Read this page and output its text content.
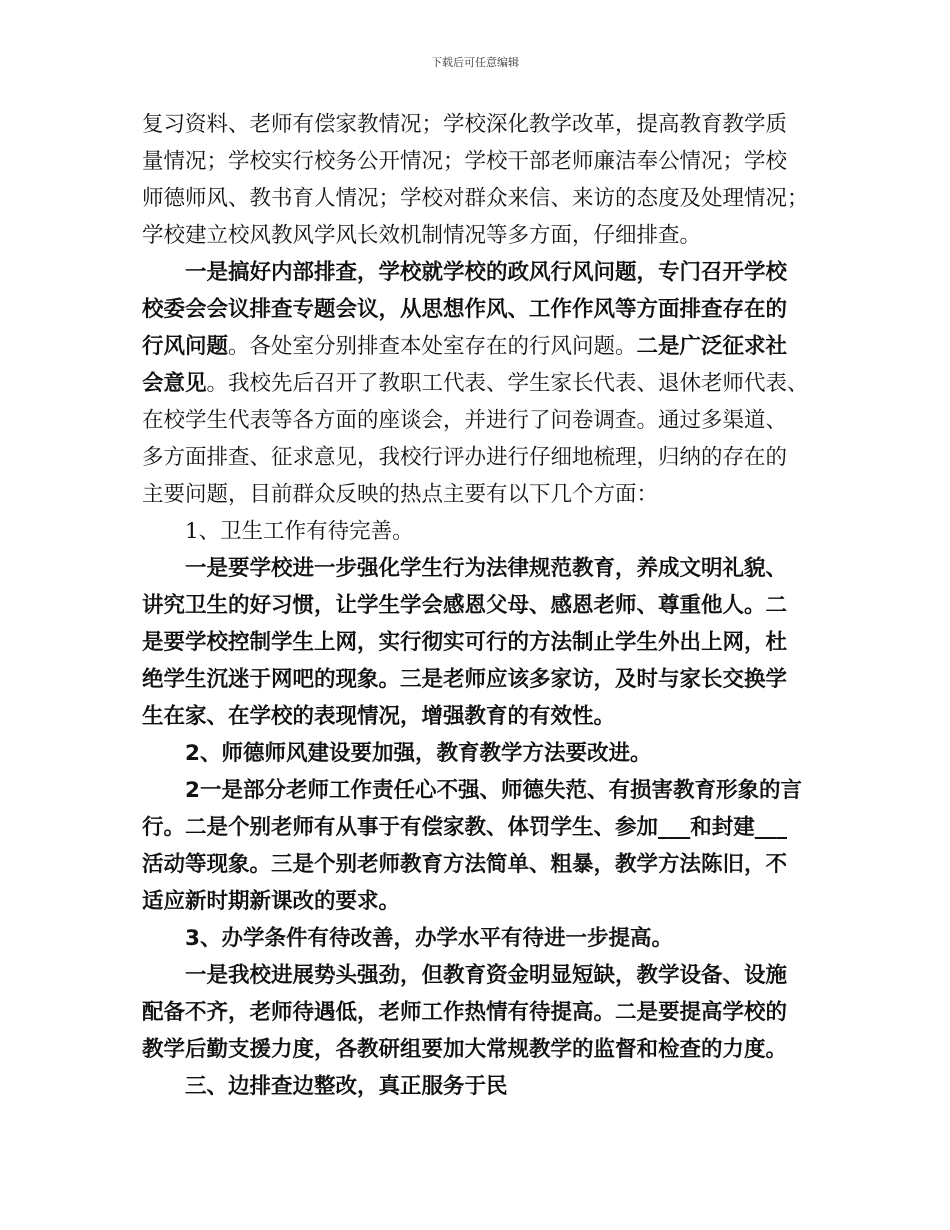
下载后可任意编辑
复习资料、老师有偿家教情况；学校深化教学改革，提高教育教学质
量情况；学校实行校务公开情况；学校干部老师廉洁奉公情况；学校
师德师风、教书育人情况；学校对群众来信、来访的态度及处理情况；
学校建立校风教风学风长效机制情况等多方面，仔细排查。
一是搞好内部排查，学校就学校的政风行风问题，专门召开学校
校委会会议排查专题会议，从思想作风、工作作风等方面排查存在的
行风问题。各处室分别排查本处室存在的行风问题。二是广泛征求社
会意见。我校先后召开了教职工代表、学生家长代表、退休老师代表、
在校学生代表等各方面的座谈会，并进行了问卷调查。通过多渠道、
多方面排查、征求意见，我校行评办进行仔细地梳理，归纳的存在的
主要问题，目前群众反映的热点主要有以下几个方面：
1、卫生工作有待完善。
一是要学校进一步强化学生行为法律规范教育，养成文明礼貌、
讲究卫生的好习惯，让学生学会感恩父母、感恩老师、尊重他人。二
是要学校控制学生上网，实行彻实可行的方法制止学生外出上网，杜
绝学生沉迷于网吧的现象。三是老师应该多家访，及时与家长交换学
生在家、在学校的表现情况，增强教育的有效性。
2、师德师风建设要加强，教育教学方法要改进。
2一是部分老师工作责任心不强、师德失范、有损害教育形象的言
行。二是个别老师有从事于有偿家教、体罚学生、参加___和封建___
活动等现象。三是个别老师教育方法简单、粗暴，教学方法陈旧，不
适应新时期新课改的要求。
3、办学条件有待改善，办学水平有待进一步提高。
一是我校进展势头强劲，但教育资金明显短缺，教学设备、设施
配备不齐，老师待遇低，老师工作热情有待提高。二是要提高学校的
教学后勤支援力度，各教研组要加大常规教学的监督和检查的力度。
三、边排查边整改，真正服务于民
